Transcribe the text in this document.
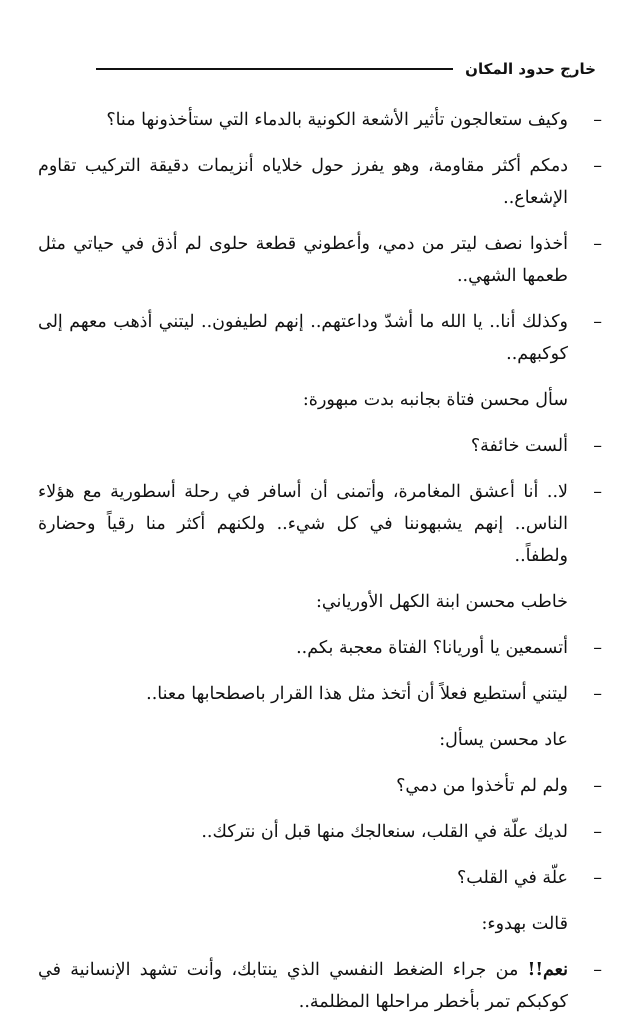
خارج حدود المكان
–
وكيف ستعالجون تأثير الأشعة الكونية بالدماء التي ستأخذونها منا؟
–
دمكم أكثر مقاومة، وهو يفرز حول خلاياه أنزيمات دقيقة التركيب تقاوم الإشعاع..
–
أخذوا نصف ليتر من دمي، وأعطوني قطعة حلوى لم أذق في حياتي مثل طعمها الشهي..
–
وكذلك أنا.. يا الله ما أشدّ وداعتهم.. إنهم لطيفون.. ليتني أذهب معهم إلى كوكبهم..
سأل محسن فتاة بجانبه بدت مبهورة:
–
ألست خائفة؟
–
لا.. أنا أعشق المغامرة، وأتمنى أن أسافر في رحلة أسطورية مع هؤلاء الناس.. إنهم يشبهوننا في كل شيء.. ولكنهم أكثر منا رقياً وحضارة ولطفاً..
خاطب محسن ابنة الكهل الأورياني:
–
أتسمعين يا أوريانا؟ الفتاة معجبة بكم..
–
ليتني أستطيع فعلاً أن أتخذ مثل هذا القرار باصطحابها معنا..
عاد محسن يسأل:
–
ولم لم تأخذوا من دمي؟
–
لديك علّة في القلب، سنعالجك منها قبل أن نتركك..
–
علّة في القلب؟
قالت بهدوء:
–
نعم!! من جراء الضغط النفسي الذي ينتابك، وأنت تشهد الإنسانية في كوكبكم تمر بأخطر مراحلها المظلمة..
